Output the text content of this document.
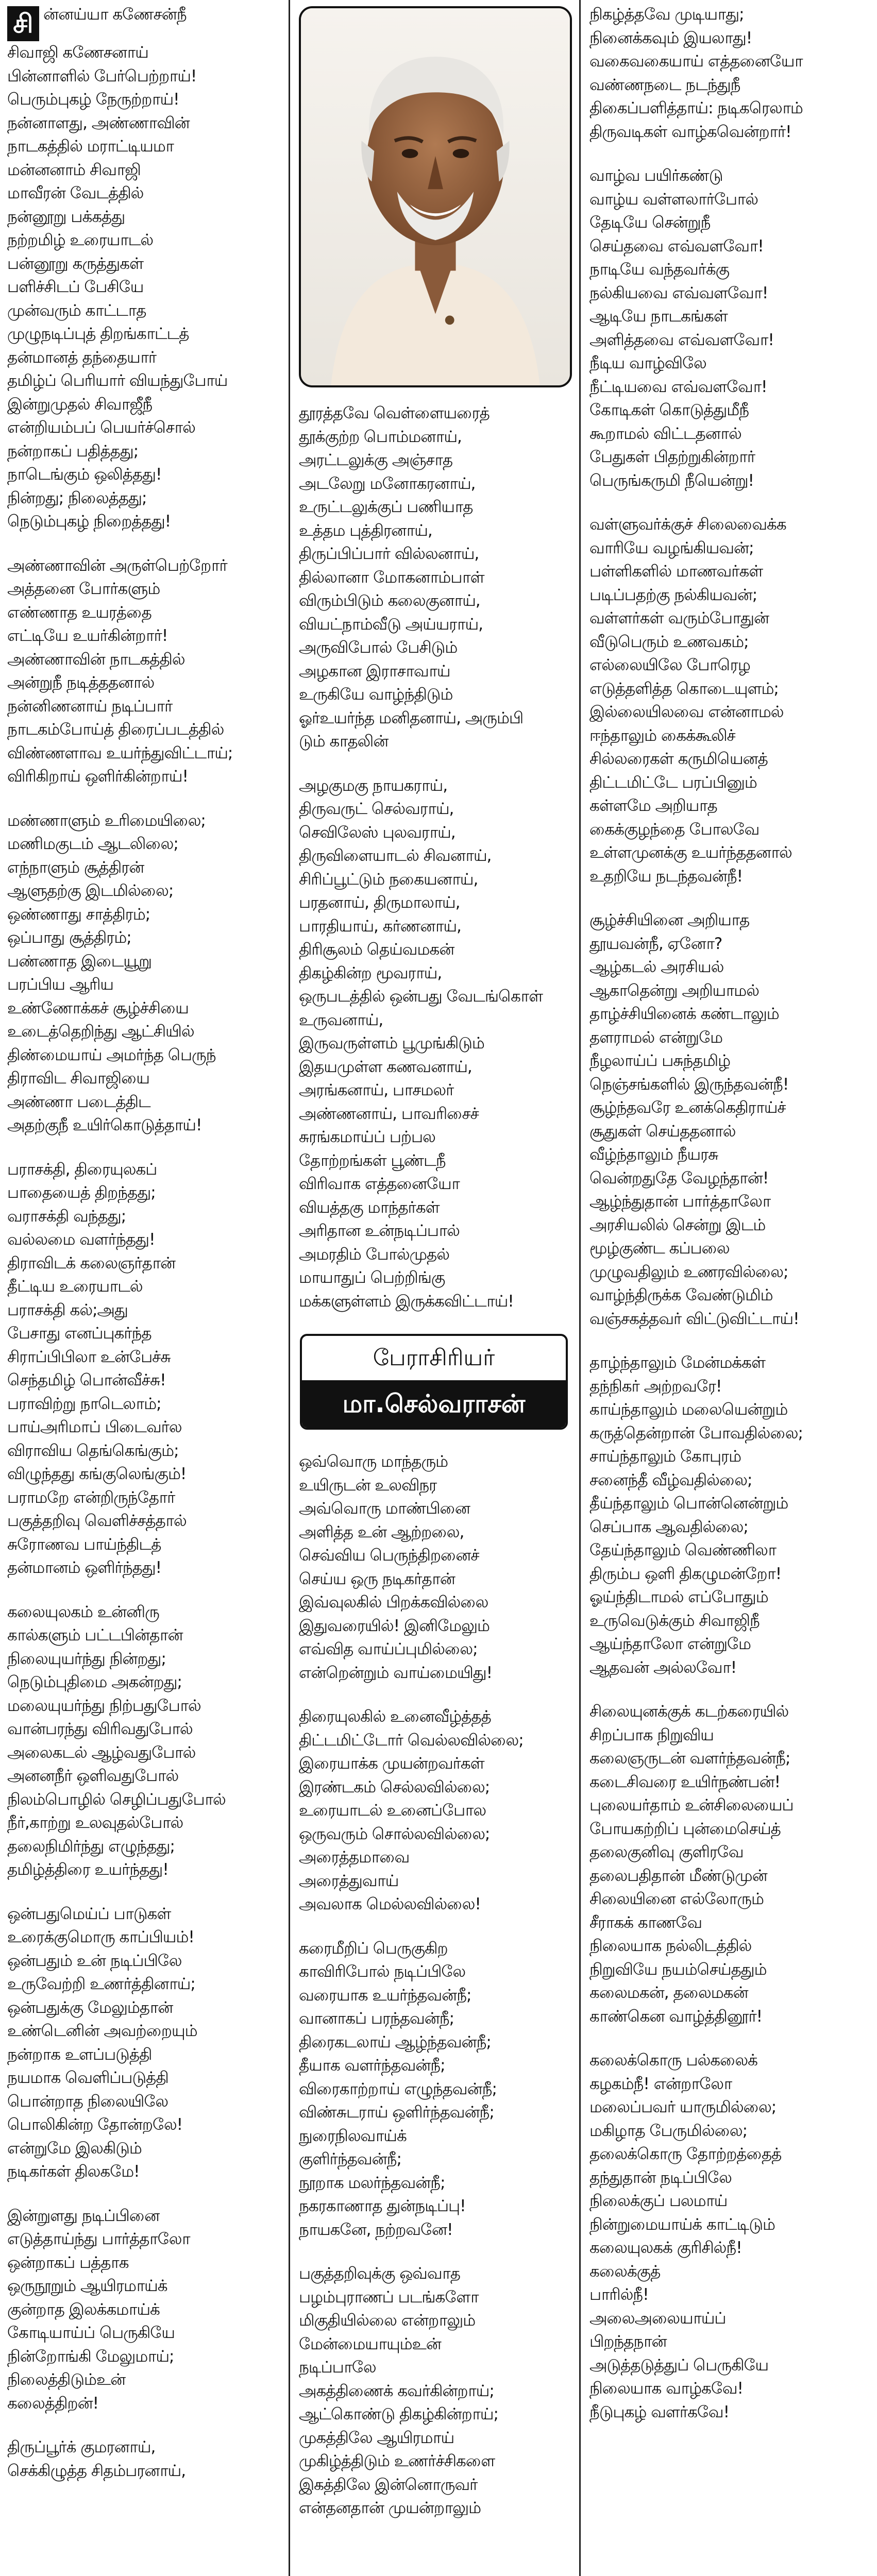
சி ன்னய்யா கணேசன்நீ
சிவாஜி கணேசனாய்
பின்னாளில் பேர்பெற்றாய்!
பெரும்புகழ் நேருற்றாய்!
நன்னாளது, அண்ணாவின்
நாடகத்தில் மராட்டியமா
மன்னனாம் சிவாஜி
மாவீரன் வேடத்தில்
நன்னூறு பக்கத்து
நற்றமிழ் உரையாடல்
பன்னூறு கருத்துகள்
பளிச்சிடப் பேசியே
முன்வரும் காட்டாத
முழுநடிப்புத் திறங்காட்டத்
தன்மானத் தந்தையார்
தமிழ்ப் பெரியார் வியந்துபோய்
இன்றுமுதல் சிவாஜீநீ
என்றியம்பப் பெயர்ச்சொல்
நன்றாகப் பதித்தது;
நாடெங்கும் ஒலித்தது!
நின்றது; நிலைத்தது;
நெடும்புகழ் நிறைத்தது!
அண்ணாவின் அருள்பெற்றோர்
அத்தனை போர்களும்
எண்ணாத உயரத்தை
எட்டியே உயர்கின்றார்!
அண்ணாவின் நாடகத்தில்
அன்றுநீ நடித்ததனால்
நன்னிணனாய் நடிப்பார்
நாடகம்போய்த் திரைப்படத்தில்
விண்ணளாவ உயர்ந்துவிட்டாய்;
விரிகிறாய் ஒளிர்கின்றாய்!
மண்ணாளும் உரிமையிலை;
மணிமகுடம் ஆடலிலை;
எந்நாளும் சூத்திரன்
ஆளுதற்கு இடமில்லை;
ஒண்ணாது சாத்திரம்;
ஒப்பாது சூத்திரம்;
பண்ணாத இடையூறு
பரப்பிய ஆரிய
உண்ணோக்கச் சூழ்ச்சியை
உடைத்தெறிந்து ஆட்சியில்
திண்மையாய் அமர்ந்த பெருந்
திராவிட சிவாஜியை
அண்ணா படைத்திட
அதற்குநீ உயிர்கொடுத்தாய்!
பராசக்தி, திரையுலகப்
பாதையைத் திறந்தது;
வராசக்தி வந்தது;
வல்லமை வளர்ந்தது!
திராவிடக் கலைஞர்தான்
தீட்டிய உரையாடல்
பராசக்தி கல்;அது
பேசாது எனப்புகர்ந்த
சிராப்பிபிலா உன்பேச்சு
செந்தமிழ் பொன்வீச்சு!
பராவிற்று நாடெலாம்;
பாய்அரிமாப் பிடைவர்ல
விராவிய தெங்கெங்கும்;
விழுந்தது கங்குலெங்கும்!
பராமறே என்றிருந்தோர்
பகுத்தறிவு வெளிச்சத்தால்
சுரோணவ பாய்ந்திடத்
தன்மானம் ஒளிர்ந்தது!
கலையுலகம் உன்னிரு
கால்களும் பட்டபின்தான்
நிலையுயர்ந்து நின்றது;
நெடும்புதிமை அகன்றது;
மலையுயர்ந்து நிற்பதுபோல்
வான்பரந்து விரிவதுபோல்
அலைகடல் ஆழ்வதுபோல்
அனனநீர் ஒளிவதுபோல்
நிலம்பொழில் செழிப்பதுபோல்
நீர்,காற்று உலவுதல்போல்
தலைநிமிர்ந்து எழுந்தது;
தமிழ்த்திரை உயர்ந்தது!
ஒன்பதுமெய்ப் பாடுகள்
உரைக்குமொரு காப்பியம்!
ஒன்பதும் உன் நடிப்பிலே
உருவேற்றி உணர்த்தினாய்;
ஒன்பதுக்கு மேலும்தான்
உண்டெனின் அவற்றையும்
நன்றாக உளப்படுத்தி
நயமாக வெளிப்படுத்தி
பொன்றாத நிலையிலே
பொலிகின்ற தோன்றலே!
என்றுமே இலகிடும்
நடிகர்கள் திலகமே!
இன்றுளது நடிப்பினை
எடுத்தாய்ந்து பார்த்தாலோ
ஒன்றாகப் பத்தாக
ஒருநூறும் ஆயிரமாய்க்
குன்றாத இலக்கமாய்க்
கோடியாய்ப் பெருகியே
நின்றோங்கி மேலுமாய்;
நிலைத்திடும்உன்
கலைத்திறன்!
திருப்பூர்க் குமரனாய்,
செக்கிழுத்த சிதம்பரனாய்,
தூரத்தவே வெள்ளையரைத்
தூக்குற்ற பொம்மனாய்,
அரட்டலுக்கு அஞ்சாத
அடலேறு மனோகரனாய்,
உருட்டலுக்குப் பணியாத
உத்தம புத்திரனாய்,
திருப்பிப்பார் வில்லனாய்,
தில்லானா மோகனாம்பாள்
விரும்பிடும் கலைகுனாய்,
வியட்நாம்வீடு அய்யராய்,
அருவிபோல் பேசிடும்
அழகான இராசாவாய்
உருகியே வாழ்ந்திடும்
ஓர்உயர்ந்த மனிதனாய், அரும்பி
டும் காதலின்
அழகுமகு நாயகராய்,
திருவருட் செல்வராய்,
செவிலேஸ் புலவராய்,
திருவிளையாடல் சிவனாய்,
சிரிப்பூட்டும் நகையனாய்,
பரதனாய், திருமாலாய்,
பாரதியாய், கர்ணனாய்,
திரிசூலம் தெய்வமகன்
திகழ்கின்ற மூவராய்,
ஒருபடத்தில் ஒன்பது வேடங்கொள்
உருவனாய்,
இருவருள்ளம் பூமுங்கிடும்
இதயமுள்ள கணவனாய்,
அரங்கனாய், பாசமலர்
அண்ணனாய், பாவரிசைச்
சுரங்கமாய்ப் பற்பல
தோற்றங்கள் பூண்டநீ
விரிவாக எத்தனையோ
வியத்தகு மாந்தர்கள்
அரிதான உன்நடிப்பால்
அமரதிம் போல்முதல்
மாயாதுப் பெற்றிங்கு
மக்களுள்ளம் இருக்கவிட்டாய்!
பேராசிரியர்
மா.செல்வராசன்
ஒவ்வொரு மாந்தரும்
உயிருடன் உலவிநர
அவ்வொரு மாண்பினை
அளித்த உன் ஆற்றலை,
செவ்விய பெருந்திறனைச்
செய்ய ஒரு நடிகர்தான்
இவ்வுலகில் பிறக்கவில்லை
இதுவரையில்! இனிமேலும்
எவ்வித வாய்ப்புமில்லை;
என்றென்றும் வாய்மையிது!
திரையுலகில் உனைவீழ்த்தத்
திட்டமிட்டோர் வெல்லவில்லை;
இரையாக்க முயன்றவர்கள்
இரண்டகம் செல்லவில்லை;
உரையாடல் உனைப்போல
ஒருவரும் சொல்லவில்லை;
அரைத்தமாவை
அரைத்துவாய்
அவலாக மெல்லவில்லை!
கரைமீறிப் பெருகுகிற
காவிரிபோல் நடிப்பிலே
வரையாக உயர்ந்தவன்நீ;
வானாகப் பரந்தவன்நீ;
திரைகடலாய் ஆழ்ந்தவன்நீ;
தீயாக வளர்ந்தவன்நீ;
விரைகாற்றாய் எழுந்தவன்நீ;
விண்சுடராய் ஒளிர்ந்தவன்நீ;
நுரைநிலவாய்க்
குளிர்ந்தவன்நீ;
நூறாக மலர்ந்தவன்நீ;
நகரகாணாத துன்நடிப்பு!
நாயகனே, நற்றவனே!
பகுத்தறிவுக்கு ஒவ்வாத
பழம்புராணப் படங்களோ
மிகுதியில்லை என்றாலும்
மேன்மையாயும்உன்
நடிப்பாலே
அகத்திணைக் கவர்கின்றாய்;
ஆட்கொண்டு திகழ்கின்றாய்;
முகத்திலே ஆயிரமாய்
முகிழ்த்திடும் உணர்ச்சிகளை
இகத்திலே இன்னொருவர்
என்தனதான் முயன்றாலும்
நிகழ்த்தவே முடியாது;
நினைக்கவும் இயலாது!
வகைவகையாய் எத்தனையோ
வண்ணநடை நடந்துநீ
திகைப்பளித்தாய்: நடிகரெலாம்
திருவடிகள் வாழ்கவென்றார்!
வாழ்வ பயிர்கண்டு
வாழ்ய வள்ளலார்போல்
தேடியே சென்றுநீ
செய்தவை எவ்வளவோ!
நாடியே வந்தவர்க்கு
நல்கியவை எவ்வளவோ!
ஆடியே நாடகங்கள்
அளித்தவை எவ்வளவோ!
நீடிய வாழ்விலே
நீட்டியவை எவ்வளவோ!
கோடிகள் கொடுத்துமீநீ
கூறாமல் விட்டதனால்
பேதுகள் பிதற்றுகின்றார்
பெருங்கருமி நீயென்று!
வள்ளுவர்க்குச் சிலைவைக்க
வாரியே வழங்கியவன்;
பள்ளிகளில் மாணவர்கள்
படிப்பதற்கு நல்கியவன்;
வள்ளர்கள் வரும்போதுன்
வீடுபெரும் உணவகம்;
எல்லையிலே போரெழ
எடுத்தளித்த கொடையுளம்;
இல்லையிலவை என்னாமல்
ஈந்தாலும் கைக்கூலிச்
சில்லரைகள் கருமியெனத்
திட்டமிட்டே பரப்பினும்
கள்ளமே அறியாத
கைக்குழந்தை போலவே
உள்ளமுனக்கு உயர்ந்ததனால்
உதறியே நடந்தவன்நீ!
சூழ்ச்சியினை அறியாத
தூயவன்நீ, ஏனோ?
ஆழ்கடல் அரசியல்
ஆகாதென்று அறியாமல்
தாழ்ச்சியினைக் கண்டாலும்
தளராமல் என்றுமே
நீழலாய்ப் பசுந்தமிழ்
நெஞ்சங்களில் இருந்தவன்நீ!
சூழ்ந்தவரே உனக்கெதிராய்ச்
சூதுகள் செய்ததனால்
வீழ்ந்தாலும் நீயரசு
வென்றதுதே வேழந்தான்!
ஆழ்ந்துதான் பார்த்தாலோ
அரசியலில் சென்று இடம்
மூழ்குண்ட கப்பலை
முழுவதிலும் உணரவில்லை;
வாழ்ந்திருக்க வேண்டுமிம்
வஞ்சகத்தவர் விட்டுவிட்டாய்!
தாழ்ந்தாலும் மேன்மக்கள்
தந்நிகர் அற்றவரே!
காய்ந்தாலும் மலையென்றும்
கருத்தென்றான் போவதில்லை;
சாய்ந்தாலும் கோபுரம்
சனைந்தீ வீழ்வதில்லை;
தீய்ந்தாலும் பொன்னென்றும்
செப்பாக ஆவதில்லை;
தேய்ந்தாலும் வெண்ணிலா
திரும்ப ஒளி திகழுமன்றோ!
ஓய்ந்திடாமல் எப்போதும்
உருவெடுக்கும் சிவாஜிநீ
ஆய்ந்தாலோ என்றுமே
ஆதவன் அல்லவோ!
சிலையுனக்குக் கடற்கரையில்
சிறப்பாக நிறுவிய
கலைஞருடன் வளர்ந்தவன்நீ;
கடைசிவரை உயிர்நண்பன்!
புலையர்தாம் உன்சிலையைப்
போயகற்றிப் புன்மைசெய்த்
தலைகுனிவு குளிரவே
தலைபதிதான் மீண்டுமுன்
சிலையினை எல்லோரும்
சீராகக் காணவே
நிலையாக நல்லிடத்தில்
நிறுவியே நயம்செய்ததும்
கலைமகன், தலைமகன்
காண்கென வாழ்த்தினூர்!
கலைக்கொரு பல்கலைக்
கழகம்நீ! என்றாலோ
மலைப்பவர் யாருமில்லை;
மகிழாத பேருமில்லை;
தலைக்கொரு தோற்றத்தைத்
தந்துதான் நடிப்பிலே
நிலைக்குப் பலமாய்
நின்றுமையாய்க் காட்டிடும்
கலையுலகக் குரிசில்நீ!
கலைக்குத்
பாரில்நீ!
அலைஅலையாய்ப்
பிறந்தநான்
அடுத்தடுத்துப் பெருகியே
நிலையாக வாழ்கவே!
நீடுபுகழ் வளர்கவே!
